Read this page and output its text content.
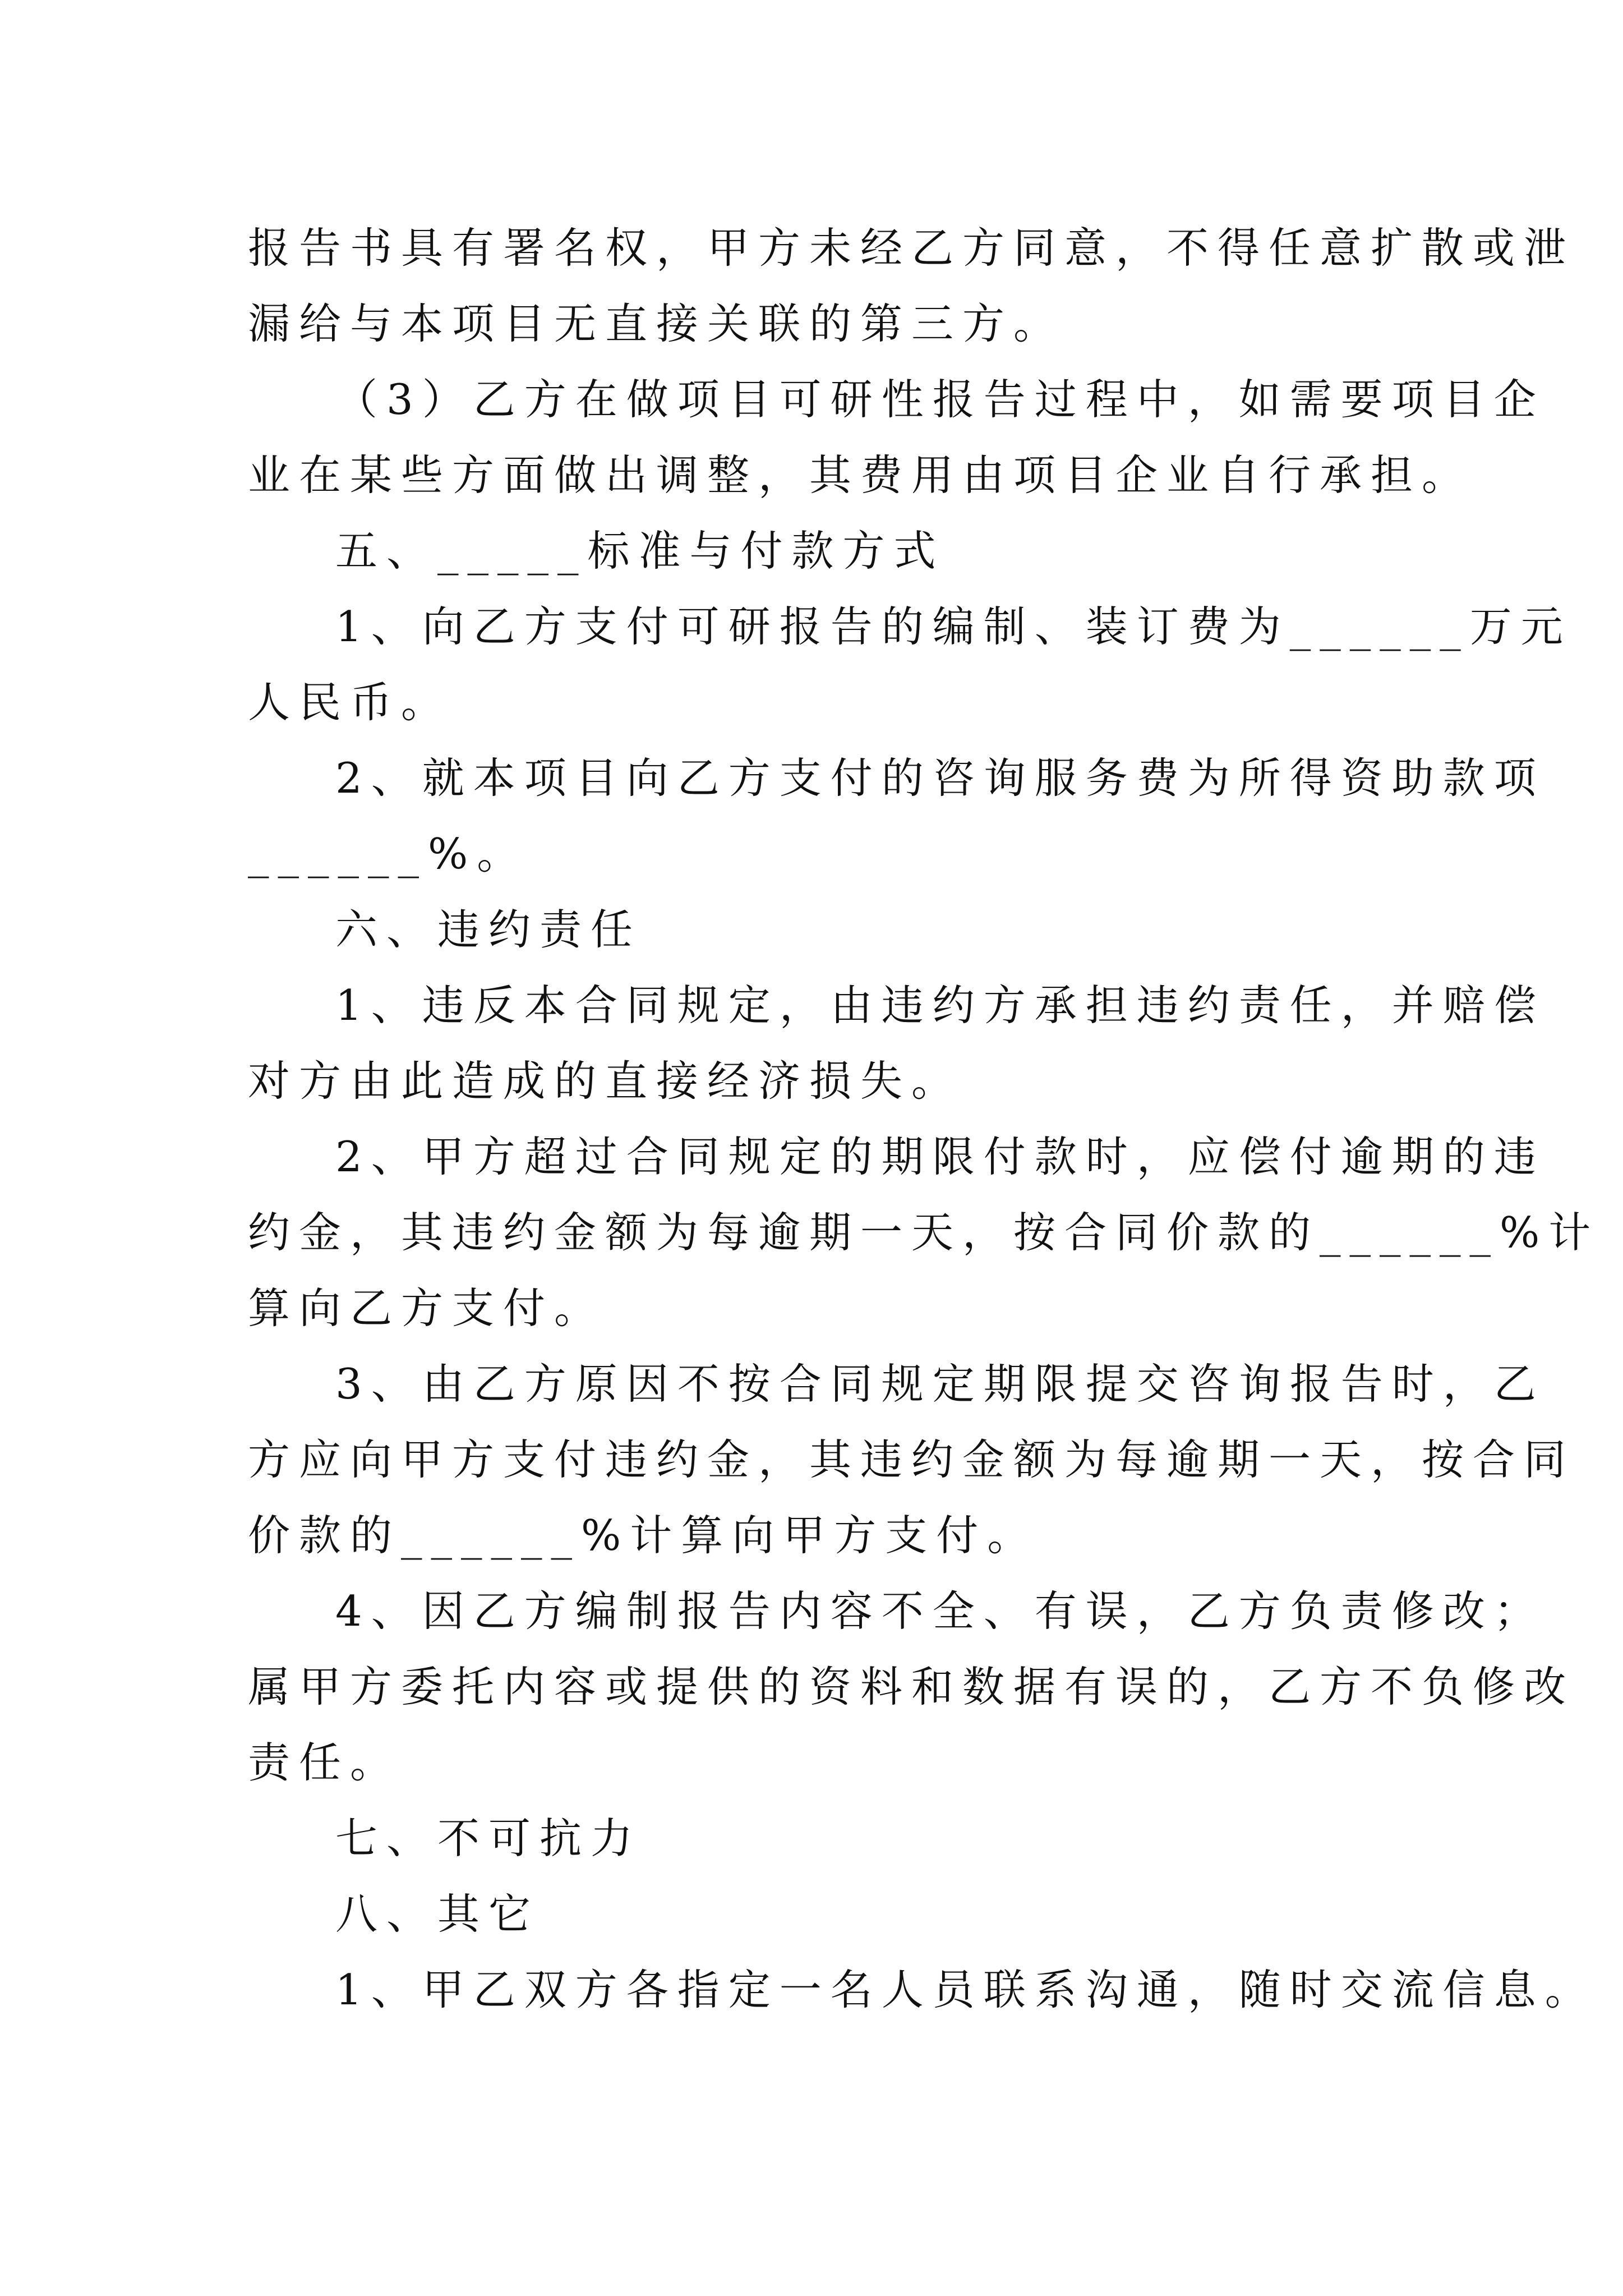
报告书具有署名权，甲方未经乙方同意，不得任意扩散或泄
漏给与本项目无直接关联的第三方。
（3）乙方在做项目可研性报告过程中，如需要项目企
业在某些方面做出调整，其费用由项目企业自行承担。
五、_____标准与付款方式
1、向乙方支付可研报告的编制、装订费为______万元
人民币。
2、就本项目向乙方支付的咨询服务费为所得资助款项
______%。
六、违约责任
1、违反本合同规定，由违约方承担违约责任，并赔偿
对方由此造成的直接经济损失。
2、甲方超过合同规定的期限付款时，应偿付逾期的违
约金，其违约金额为每逾期一天，按合同价款的______%计
算向乙方支付。
3、由乙方原因不按合同规定期限提交咨询报告时，乙
方应向甲方支付违约金，其违约金额为每逾期一天，按合同
价款的______%计算向甲方支付。
4、因乙方编制报告内容不全、有误，乙方负责修改；
属甲方委托内容或提供的资料和数据有误的，乙方不负修改
责任。
七、不可抗力
八、其它
1、甲乙双方各指定一名人员联系沟通，随时交流信息。
